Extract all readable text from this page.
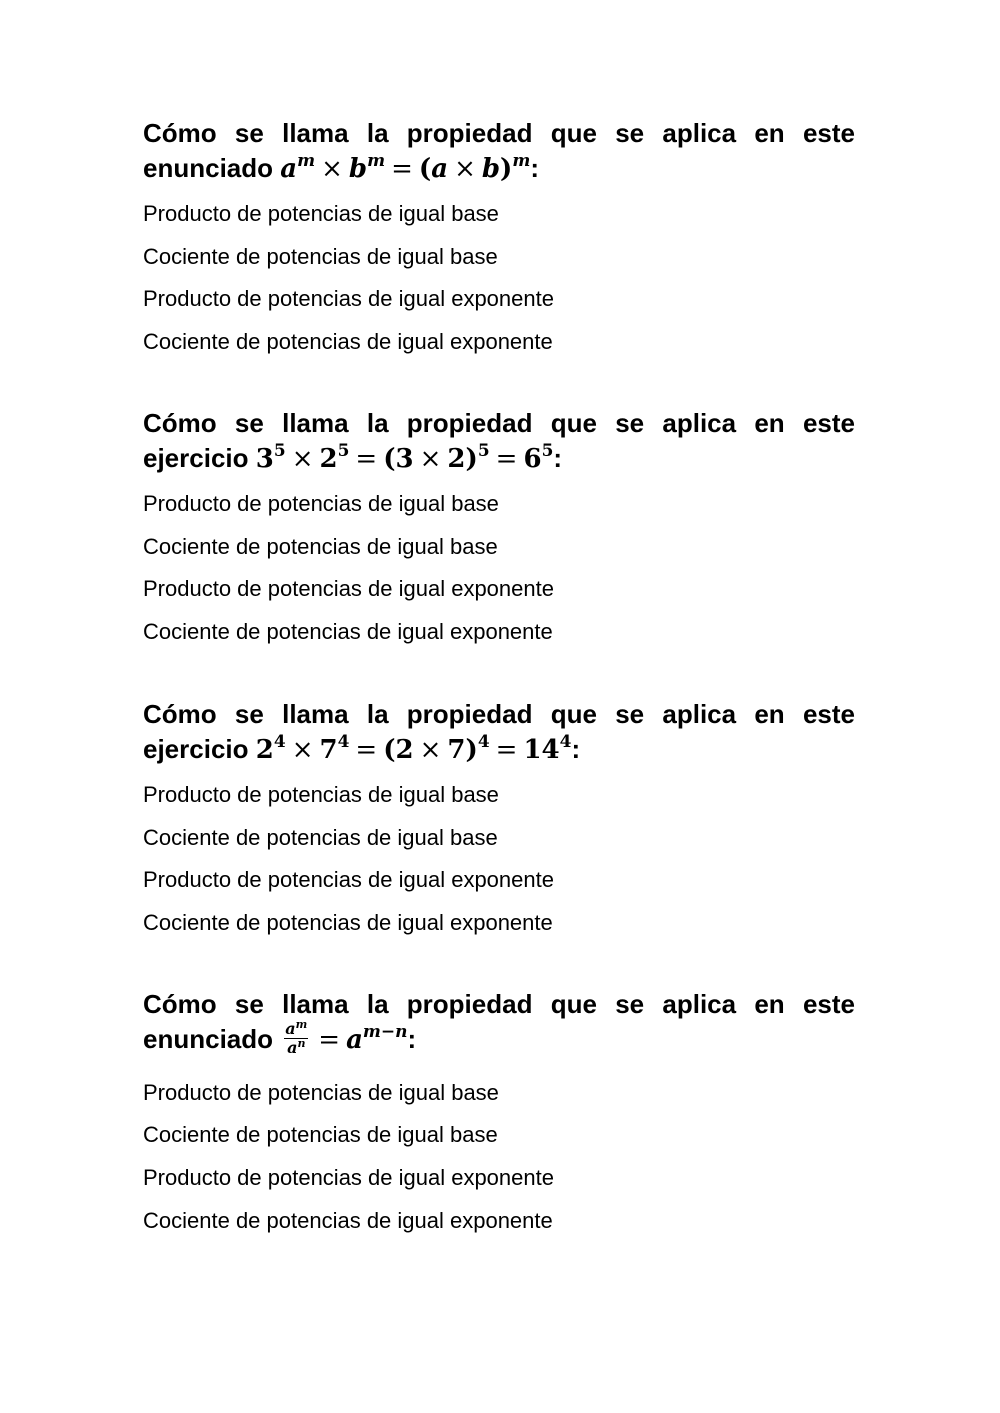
Cómo se llama la propiedad que se aplica en este
enunciado $a^m \times b^m = (a \times b)^m$:

Producto de potencias de igual base
Cociente de potencias de igual base
Producto de potencias de igual exponente
Cociente de potencias de igual exponente

Cómo se llama la propiedad que se aplica en este
ejercicio $3^5 \times 2^5 = (3 \times 2)^5 = 6^5$:

Producto de potencias de igual base
Cociente de potencias de igual base
Producto de potencias de igual exponente
Cociente de potencias de igual exponente

Cómo se llama la propiedad que se aplica en este
ejercicio $2^4 \times 7^4 = (2 \times 7)^4 = 14^4$:

Producto de potencias de igual base
Cociente de potencias de igual base
Producto de potencias de igual exponente
Cociente de potencias de igual exponente

Cómo se llama la propiedad que se aplica en este
enunciado $\frac{a^m}{a^n} = a^{m-n}$:

Producto de potencias de igual base
Cociente de potencias de igual base
Producto de potencias de igual exponente
Cociente de potencias de igual exponente
